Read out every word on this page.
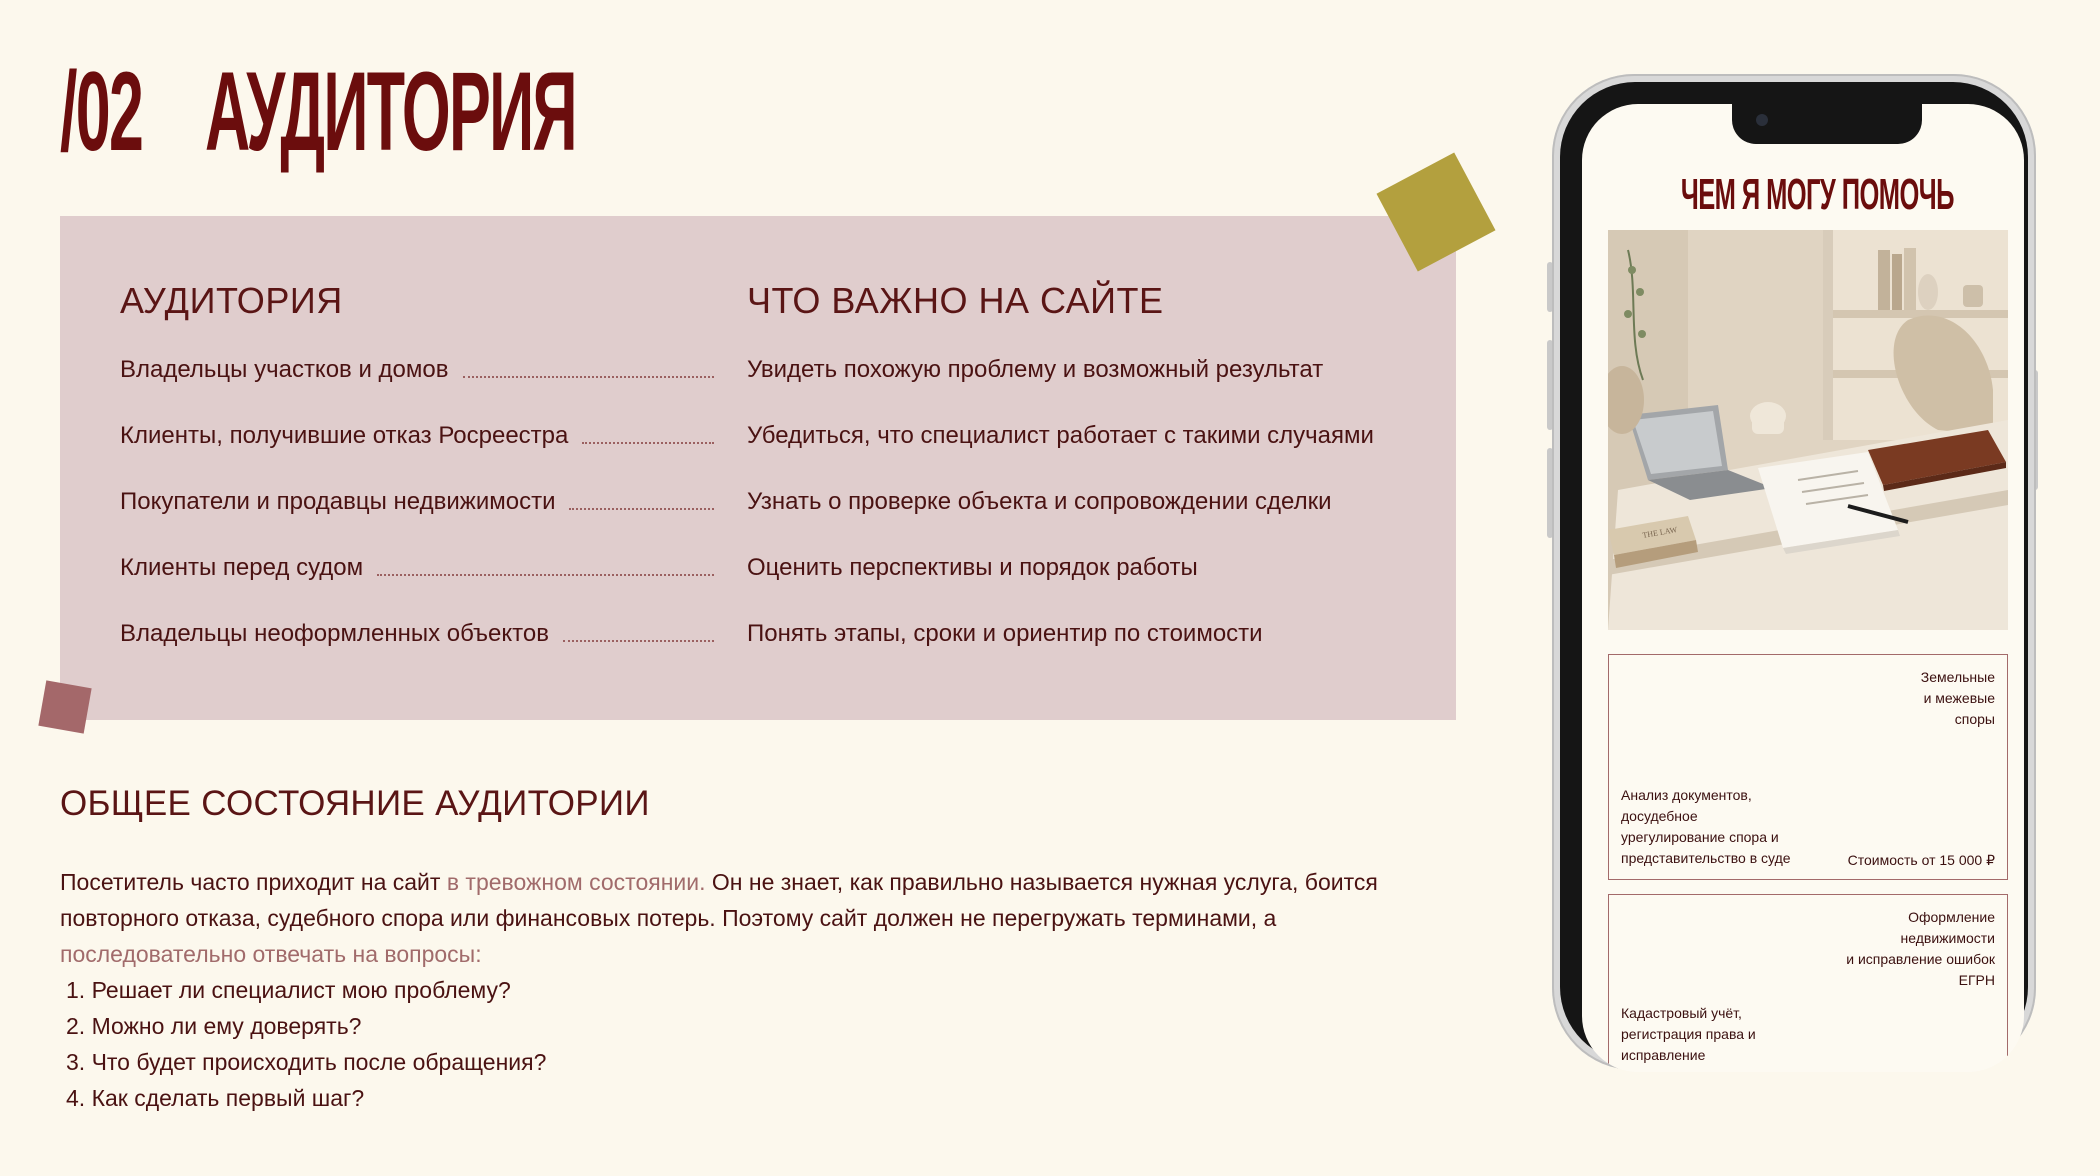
/02 АУДИТОРИЯ
АУДИТОРИЯ	ЧТО ВАЖНО НА САЙТЕ
Владельцы участков и домов	Увидеть похожую проблему и возможный результат
Клиенты, получившие отказ Росреестра	Убедиться, что специалист работает с такими случаями
Покупатели и продавцы недвижимости	Узнать о проверке объекта и сопровождении сделки
Клиенты перед судом	Оценить перспективы и порядок работы
Владельцы неоформленных объектов	Понять этапы, сроки и ориентир по стоимости
ОБЩЕЕ СОСТОЯНИЕ АУДИТОРИИ
Посетитель часто приходит на сайт в тревожном состоянии. Он не знает, как правильно называется нужная услуга, боится повторного отказа, судебного спора или финансовых потерь. Поэтому сайт должен не перегружать терминами, а последовательно отвечать на вопросы:
1. Решает ли специалист мою проблему?
2. Можно ли ему доверять?
3. Что будет происходить после обращения?
4. Как сделать первый шаг?
ЧЕМ Я МОГУ ПОМОЧЬ
THE LAW
Земельные
и межевые
споры
Анализ документов,
досудебное
урегулирование спора и
представительство в суде	Стоимость от 15 000 ₽
Оформление
недвижимости
и исправление ошибок
ЕГРН
Кадастровый учёт,
регистрация права и
исправление
